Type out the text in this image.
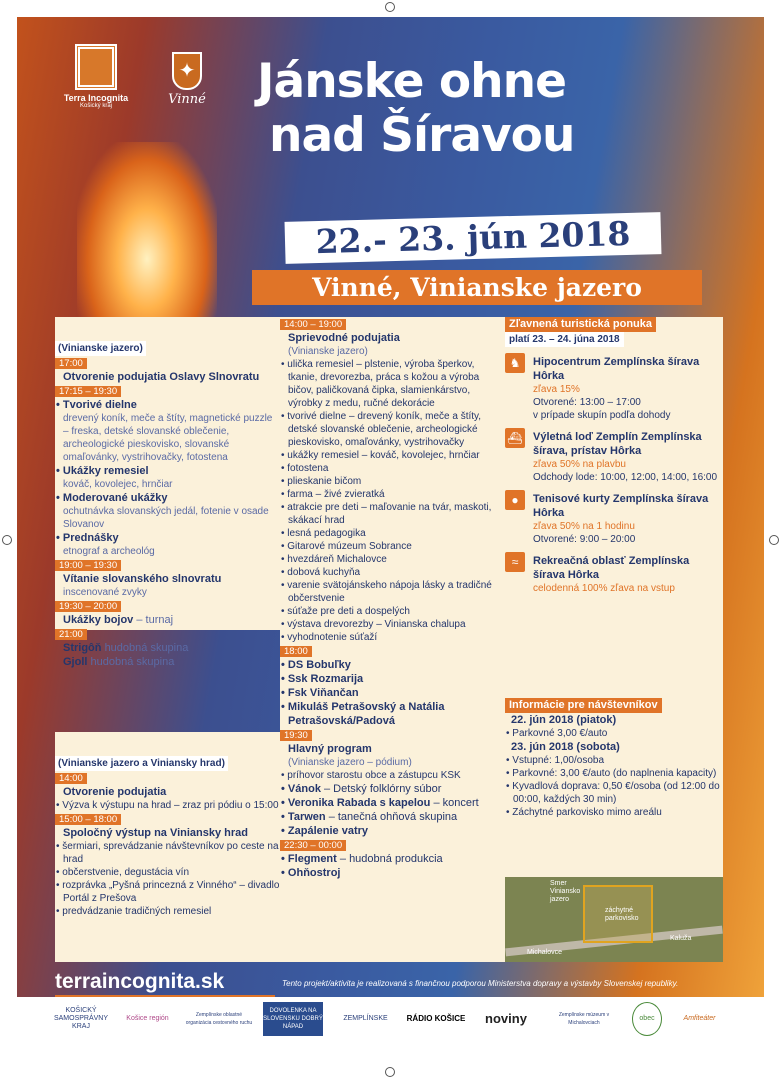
Terra Incognita
Košický kraj
✦
Vinné Jánske ohne
nad Šíravou
22.- 23. jún 2018
Vinné, Vinianske jazero
(Vinianske jazero)
17:00
Otvorenie podujatia Oslavy Slnovratu
17:15 – 19:30
• Tvorivé dielne
drevený koník, meče a štíty, magnetické puzzle – freska, detské slovanské oblečenie, archeologické pieskovisko, slovanské omaľovánky, vystrihovačky, fotostena
• Ukážky remesiel
kováč, kovolejec, hrnčiar
• Moderované ukážky
ochutnávka slovanských jedál, fotenie v osade Slovanov
• Prednášky
etnograf a archeológ
19:00 – 19:30
Vítanie slovanského slnovratu
inscenované zvyky
19:30 – 20:00
Ukážky bojov – turnaj
21:00
Strigôň hudobná skupina
Gjoll hudobná skupina
(Vinianske jazero a Viniansky hrad)
14:00
Otvorenie podujatia
• Výzva k výstupu na hrad – zraz pri pódiu o 15:00
15:00 – 18:00
Spoločný výstup na Viniansky hrad
• šermiari, sprevádzanie návštevníkov po ceste na hrad
• občerstvenie, degustácia vín
• rozprávka „Pyšná princezná z Vinného“ – divadlo Portál z Prešova
• predvádzanie tradičných remesiel
14:00 – 19:00
Sprievodné podujatia
(Vinianske jazero)
• ulička remesiel – plstenie, výroba šperkov, tkanie, drevorezba, práca s kožou a výroba bičov, paličkovaná čipka, slamienkárstvo, výrobky z medu, ručné dekorácie
• tvorivé dielne – drevený koník, meče a štíty, detské slovanské oblečenie, archeologické pieskovisko, omaľovánky, vystrihovačky
• ukážky remesiel – kováč, kovolejec, hrnčiar
• fotostena
• plieskanie bičom
• farma – živé zvieratká
• atrakcie pre deti – maľovanie na tvár, maskoti, skákací hrad
• lesná pedagogika
• Gitarové múzeum Sobrance
• hvezdáreň Michalovce
• dobová kuchyňa
• varenie svätojánskeho nápoja lásky a tradičné občerstvenie
• súťaže pre deti a dospelých
• výstava drevorezby – Vinianska chalupa
• vyhodnotenie súťaží
18:00
• DS Bobuľky
• Ssk Rozmarija
• Fsk Viňančan
• Mikuláš Petrašovský a Natália Petrašovská/Padová
19:30
Hlavný program
(Vinianske jazero – pódium)
• príhovor starostu obce a zástupcu KSK
• Vánok – Detský folklórny súbor
• Veronika Rabada s kapelou – koncert
• Tarwen – tanečná ohňová skupina
• Zapálenie vatry
22:30 – 00:00
• Flegment – hudobná produkcia
• Ohňostroj
Zľavnená turistická ponuka
platí 23. – 24. júna 2018
♞	Hipocentrum Zemplínska šírava Hôrka
zľava 15%
Otvorené: 13:00 – 17:00
v prípade skupín podľa dohody
⛴ Výletná loď Zemplín Zemplínska šírava, prístav Hôrka
zľava 50% na plavbu
Odchody lode: 10:00, 12:00, 14:00, 16:00
●	Tenisové kurty Zemplínska šírava Hôrka
zľava 50% na 1 hodinu
Otvorené: 9:00 – 20:00
≈	Rekreačná oblasť Zemplínska šírava Hôrka
celodenná 100% zľava na vstup
Informácie pre návštevníkov
22. jún 2018 (piatok)
• Parkovné 3,00 €/auto
23. jún 2018 (sobota)
• Vstupné: 1,00/osoba
• Parkovné: 3,00 €/auto (do naplnenia kapacity)
• Kyvadlová doprava: 0,50 €/osoba (od 12:00 do 00:00, každých 30 min)
• Záchytné parkovisko mimo areálu
Smer Viniansko jazero
záchytné parkovisko
Michalovce
Kaluža
terraincognita.sk	Tento projekt/aktivita je realizovaná s finančnou podporou Ministerstva dopravy a výstavby Slovenskej republiky.
KOŠICKÝ SAMOSPRÁVNY KRAJ
Košice región	Zemplínske oblastné organizácia cestovného ruchu
DOVOLENKA NA SLOVENSKU DOBRÝ NÁPAD
ZEMPLÍNSKE	RÁDIO KOŠICE	noviny	Zemplínske múzeum v Michalovciach
obec	Amfiteáter
